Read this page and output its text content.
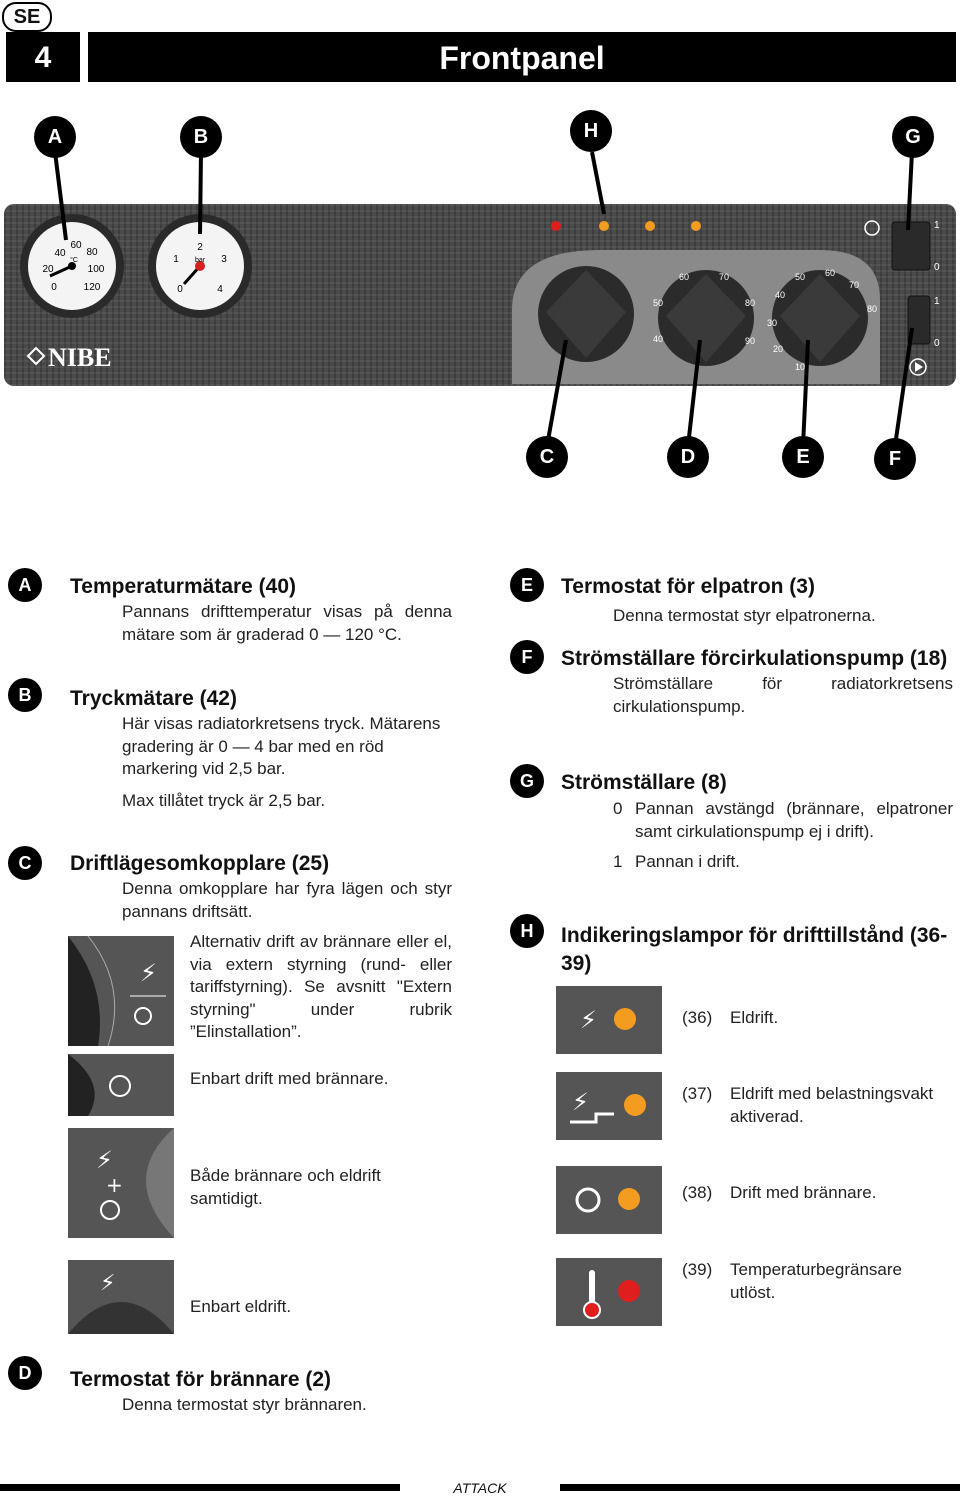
SE
4	Frontpanel
A	B	H	G
40
60
80
20	100
0	120
°C	1
2
3
0	4
bar
NIBE
60	70
50	80
40	90
50 60
70
40
80
30
20
10
1
0
1
0
C	D	E	F
A	Temperaturmätare (40)
Pannans drifttemperatur visas på denna mätare som är graderad 0 — 120 °C.
B	Tryckmätare (42)
Här visas radiatorkretsens tryck. Mätarens gradering är 0 — 4 bar med en röd markering vid 2,5 bar.
Max tillåtet tryck är 2,5 bar.
C	Driftlägesomkopplare (25)
Denna omkopplare har fyra lägen och styr pannans driftsätt.
⚡
Alternativ drift av brännare eller el, via extern styrning (rund- eller tariffstyrning). Se avsnitt "Extern styrning" under rubrik ”Elinstallation”.
Enbart drift med brännare.
⚡
+	Både brännare och eldrift samtidigt.
⚡
Enbart eldrift.
D	Termostat för brännare (2)
Denna termostat styr brännaren.
E	Termostat för elpatron (3)
Denna termostat styr elpatronerna.
F	Strömställare förcirkulationspump (18)
Strömställare för radiatorkretsens cirkulationspump.
G	Strömställare (8)
0 Pannan avstängd (brännare, elpatroner samt cirkulationspump ej i drift).
1 Pannan i drift.
H	Indikeringslampor för drifttillstånd (36-39)
⚡	(36) Eldrift.
⚡	(37) Eldrift med belastningsvakt aktiverad.
(38) Drift med brännare.
(39) Temperaturbegränsare utlöst.
ATTACK
